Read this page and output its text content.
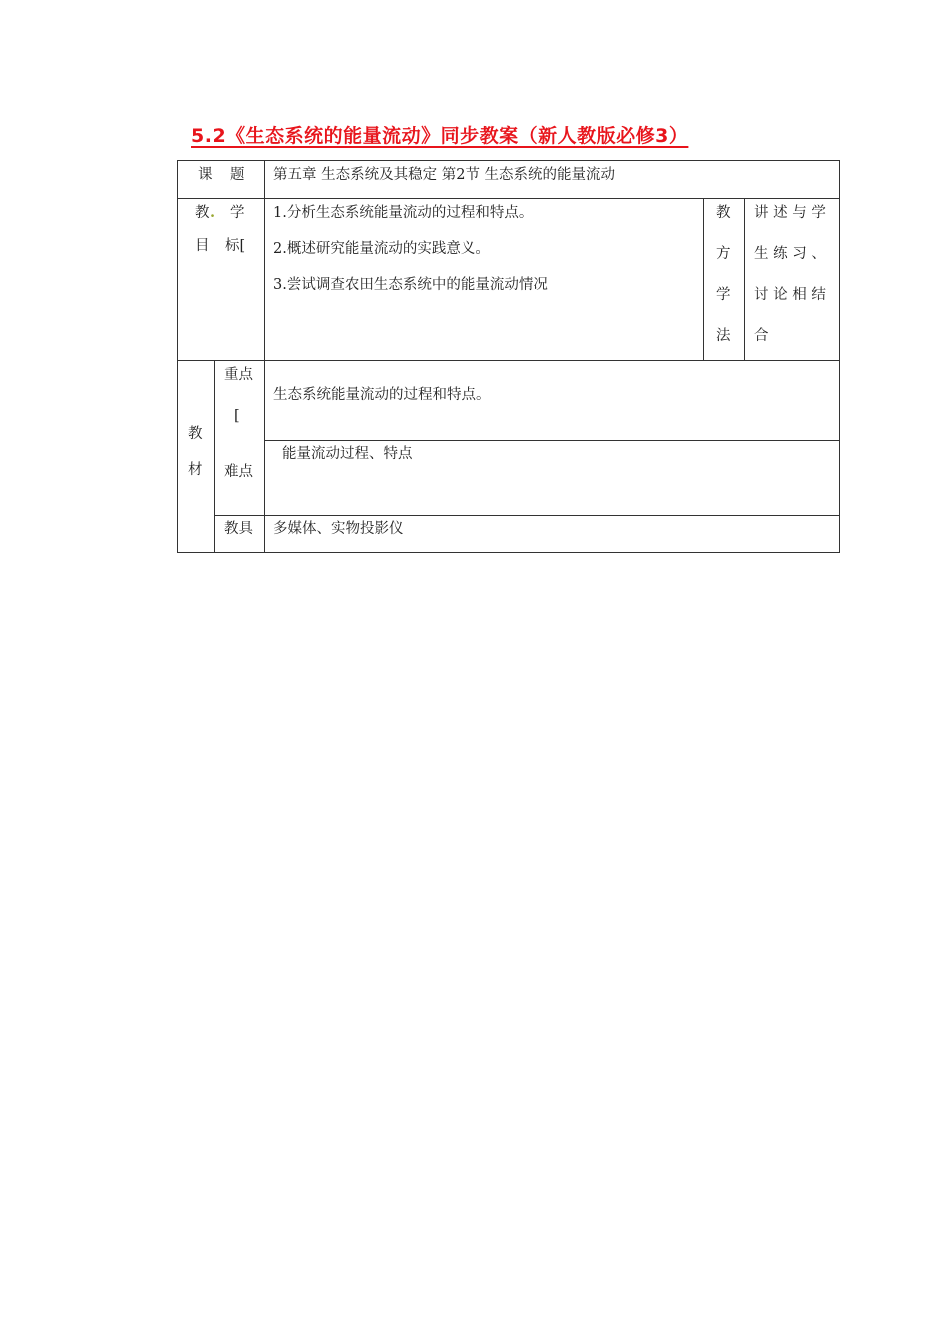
5.2《生态系统的能量流动》同步教案（新人教版必修3）
课 题 第五章 生态系统及其稳定 第2节 生态系统的能量流动
教 . 学
目 标[
1.分析生态系统能量流动的过程和特点。
2.概述研究能量流动的实践意义。
3.尝试调查农田生态系统中的能量流动情况
教
方
学
法
讲 述 与 学
生 练 习 、
讨 论 相 结
合
教
材
重点
[
生态系统能量流动的过程和特点。
难点
能量流动过程、特点
教具 多媒体、实物投影仪
